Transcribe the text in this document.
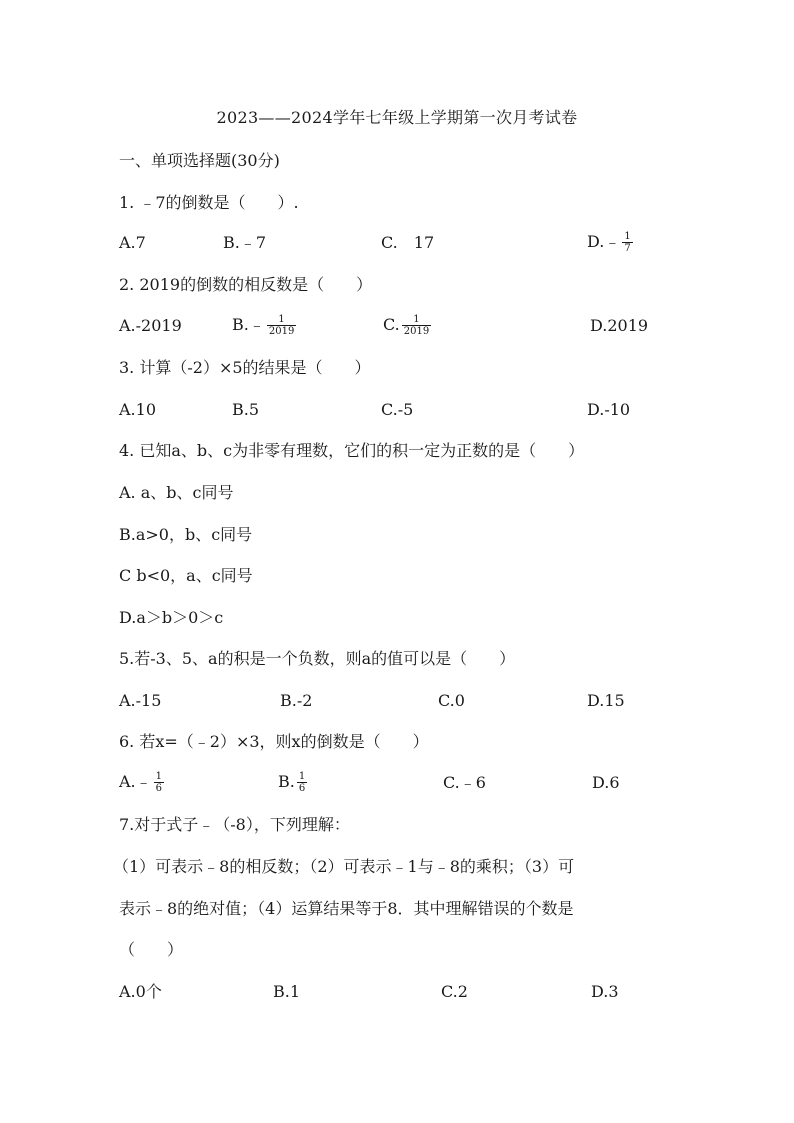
2023——2024学年七年级上学期第一次月考试卷
一、单项选择题(30分)
1. ﹣7的倒数是（　　）.
A.7	B.﹣7	C.　17	D.﹣ $\frac{1}{7}$
2. 2019的倒数的相反数是（　　）
A.-2019	B.﹣ $\frac{1}{2019}$	C. $\frac{1}{2019}$	D.2019
3. 计算（-2）×5的结果是（　　）
A.10	B.5	C.-5	D.-10
4. 已知a、b、c为非零有理数，它们的积一定为正数的是（　　）
A. a、b、c同号
B.a>0，b、c同号
C b<0，a、c同号
D.a＞b＞0＞c
5.若-3、5、a的积是一个负数，则a的值可以是（　　）
A.-15	B.-2	C.0	D.15
6. 若x=（﹣2）×3，则x的倒数是（　　）
A.﹣ $\frac{1}{6}$	B. $\frac{1}{6}$	C.﹣6	D.6
7.对于式子﹣（-8），下列理解：
（1）可表示﹣8的相反数；（2）可表示﹣1与﹣8的乘积；（3）可
表示﹣8的绝对值；（4）运算结果等于8．其中理解错误的个数是
（　　）
A.0个	B.1	C.2	D.3
